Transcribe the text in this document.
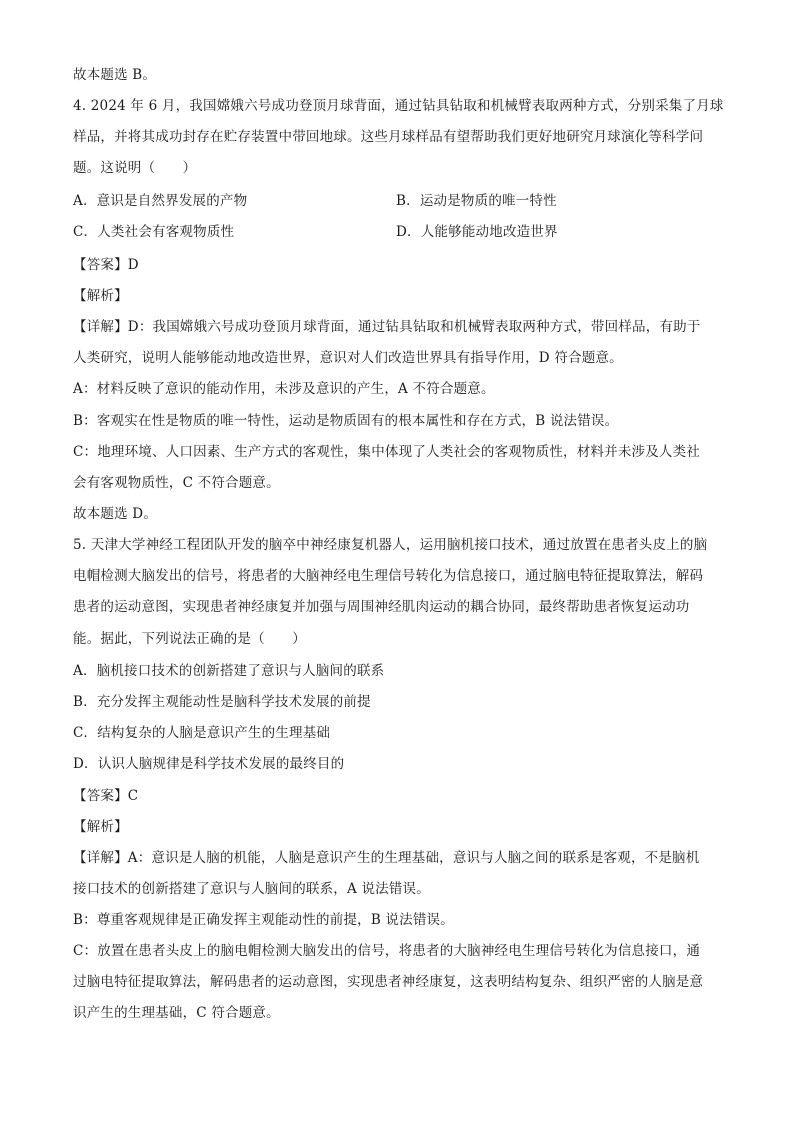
故本题选 B。
4. 2024 年 6 月，我国嫦娥六号成功登顶月球背面，通过钻具钻取和机械臂表取两种方式，分别采集了月球
样品，并将其成功封存在贮存装置中带回地球。这些月球样品有望帮助我们更好地研究月球演化等科学问
题。这说明（　　）
A．意识是自然界发展的产物	B．运动是物质的唯一特性
C．人类社会有客观物质性	D．人能够能动地改造世界
【答案】D
【解析】
【详解】D：我国嫦娥六号成功登顶月球背面，通过钻具钻取和机械臂表取两种方式，带回样品，有助于
人类研究，说明人能够能动地改造世界，意识对人们改造世界具有指导作用，D 符合题意。
A：材料反映了意识的能动作用，未涉及意识的产生，A 不符合题意。
B：客观实在性是物质的唯一特性，运动是物质固有的根本属性和存在方式，B 说法错误。
C：地理环境、人口因素、生产方式的客观性，集中体现了人类社会的客观物质性，材料并未涉及人类社
会有客观物质性，C 不符合题意。
故本题选 D。
5. 天津大学神经工程团队开发的脑卒中神经康复机器人，运用脑机接口技术，通过放置在患者头皮上的脑
电帽检测大脑发出的信号，将患者的大脑神经电生理信号转化为信息接口，通过脑电特征提取算法，解码
患者的运动意图，实现患者神经康复并加强与周围神经肌肉运动的耦合协同，最终帮助患者恢复运动功
能。据此，下列说法正确的是（　　）
A．脑机接口技术的创新搭建了意识与人脑间的联系
B．充分发挥主观能动性是脑科学技术发展的前提
C．结构复杂的人脑是意识产生的生理基础
D．认识人脑规律是科学技术发展的最终目的
【答案】C
【解析】
【详解】A：意识是人脑的机能，人脑是意识产生的生理基础，意识与人脑之间的联系是客观，不是脑机
接口技术的创新搭建了意识与人脑间的联系，A 说法错误。
B：尊重客观规律是正确发挥主观能动性的前提，B 说法错误。
C：放置在患者头皮上的脑电帽检测大脑发出的信号，将患者的大脑神经电生理信号转化为信息接口，通
过脑电特征提取算法，解码患者的运动意图，实现患者神经康复，这表明结构复杂、组织严密的人脑是意
识产生的生理基础，C 符合题意。
